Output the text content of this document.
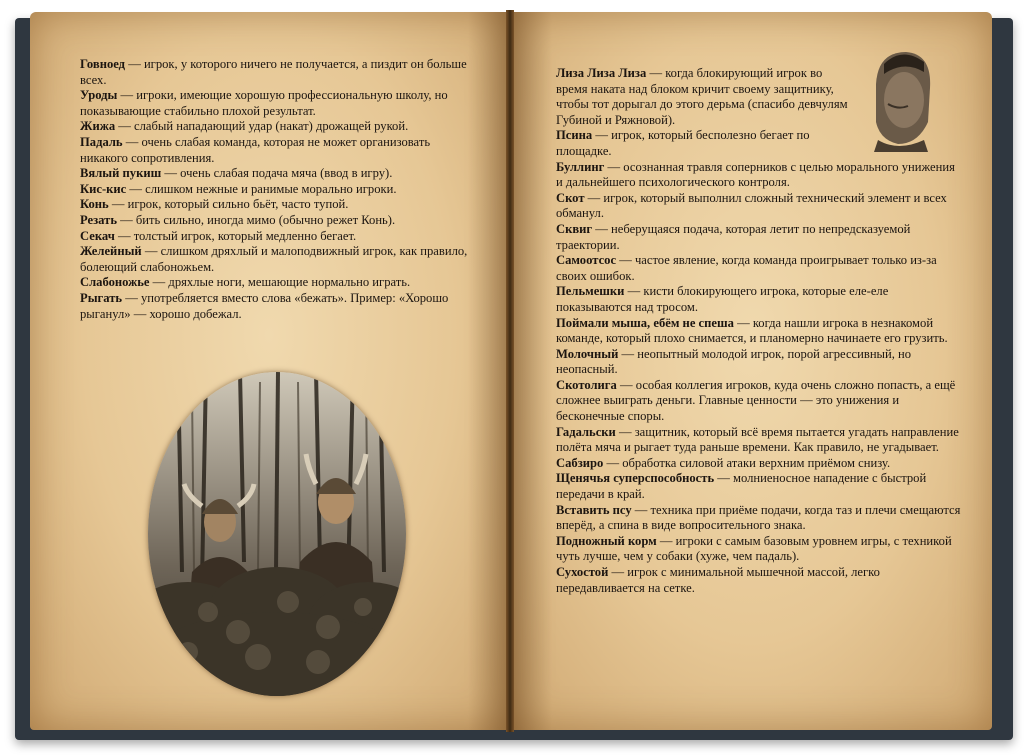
Говноед — игрок, у которого ничего не получается, а пиздит он больше всех.

Уроды — игроки, имеющие хорошую профессиональную школу, но показывающие стабильно плохой результат.

Жижа — слабый нападающий удар (накат) дрожащей рукой.

Падаль — очень слабая команда, которая не может организовать никакого сопротивления.

Вялый пукиш — очень слабая подача мяча (ввод в игру).

Кис-кис — слишком нежные и ранимые морально игроки.

Конь — игрок, который сильно бьёт, часто тупой.

Резать — бить сильно, иногда мимо (обычно режет Конь).

Секач — толстый игрок, который медленно бегает.

Желейный — слишком дряхлый и малоподвижный игрок, как правило, болеющий слабоножьем.

Слабоножье — дряхлые ноги, мешающие нормально играть.

Рыгать — употребляется вместо слова «бежать». Пример: «Хорошо рыганул» — хорошо добежал.

Лиза Лиза Лиза — когда блокирующий игрок во время наката над блоком кричит своему защитнику, чтобы тот дорыгал до этого дерьма (спасибо девчулям Губиной и Ряжновой).

Псина — игрок, который бесполезно бегает по площадке.

Буллинг — осознанная травля соперников с целью морального унижения и дальнейшего психологического контроля.

Скот — игрок, который выполнил сложный технический элемент и всех обманул.

Сквиг — неберущаяся подача, которая летит по непредсказуемой траектории.

Самоотсос — частое явление, когда команда проигрывает только из-за своих ошибок.

Пельмешки — кисти блокирующего игрока, которые еле-еле показываются над тросом.

Поймали мыша, ебём не спеша — когда нашли игрока в незнакомой команде, который плохо снимается, и планомерно начинаете его грузить.

Молочный — неопытный молодой игрок, порой агрессивный, но неопасный.

Скотолига — особая коллегия игроков, куда очень сложно попасть, а ещё сложнее выиграть деньги. Главные ценности — это унижения и бесконечные споры.

Гадальски — защитник, который всё время пытается угадать направление полёта мяча и рыгает туда раньше времени. Как правило, не угадывает.

Сабзиро — обработка силовой атаки верхним приёмом снизу.

Щенячья суперспособность — молниеносное нападение с быстрой передачи в край.

Вставить псу — техника при приёме подачи, когда таз и плечи смещаются вперёд, а спина в виде вопросительного знака.

Подножный корм — игроки с самым базовым уровнем игры, с техникой чуть лучше, чем у собаки (хуже, чем падаль).

Сухостой — игрок с минимальной мышечной массой, легко передавливается на сетке.
